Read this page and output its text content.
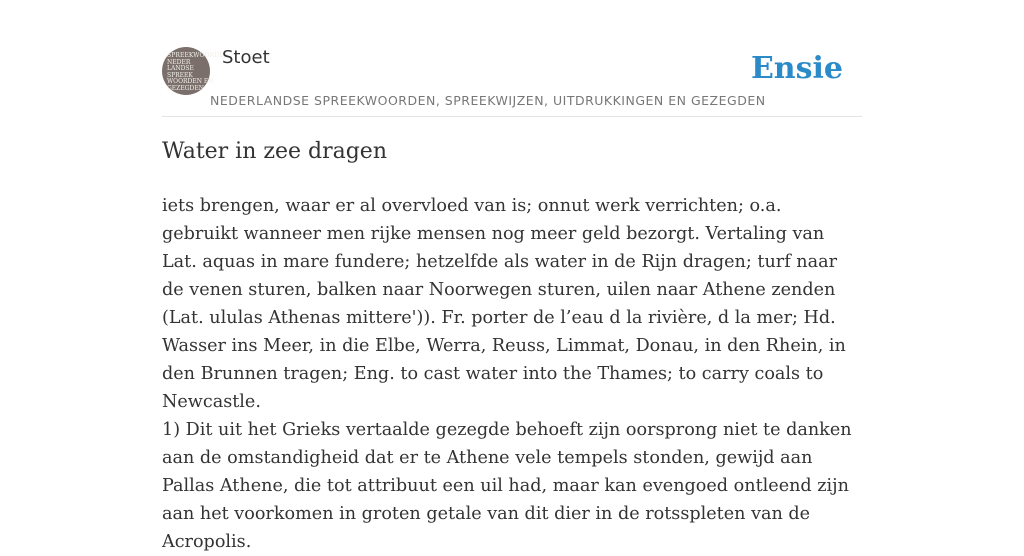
SPREEKWOORDEN
NEDER
LANDSE
SPREEK
WOORDEN EN
GEZEGDEN
Stoet
NEDERLANDSE SPREEKWOORDEN, SPREEKWIJZEN, UITDRUKKINGEN EN GEZEGDEN
Ensie
Water in zee dragen

iets brengen, waar er al overvloed van is; onnut werk verrichten; o.a. gebruikt wanneer men rijke mensen nog meer geld bezorgt. Vertaling van Lat. aquas in mare fundere; hetzelfde als water in de Rijn dragen; turf naar de venen sturen, balken naar Noorwegen sturen, uilen naar Athene zenden (Lat. ululas Athenas mittere')). Fr. porter de l’eau d la rivière, d la mer; Hd. Wasser ins Meer, in die Elbe, Werra, Reuss, Limmat, Donau, in den Rhein, in den Brunnen tragen; Eng. to cast water into the Thames; to carry coals to Newcastle.

1) Dit uit het Grieks vertaalde gezegde behoeft zijn oorsprong niet te danken aan de omstandigheid dat er te Athene vele tempels stonden, gewijd aan Pallas Athene, die tot attribuut een uil had, maar kan evengoed ontleend zijn aan het voorkomen in groten getale van dit dier in de rotsspleten van de Acropolis.
